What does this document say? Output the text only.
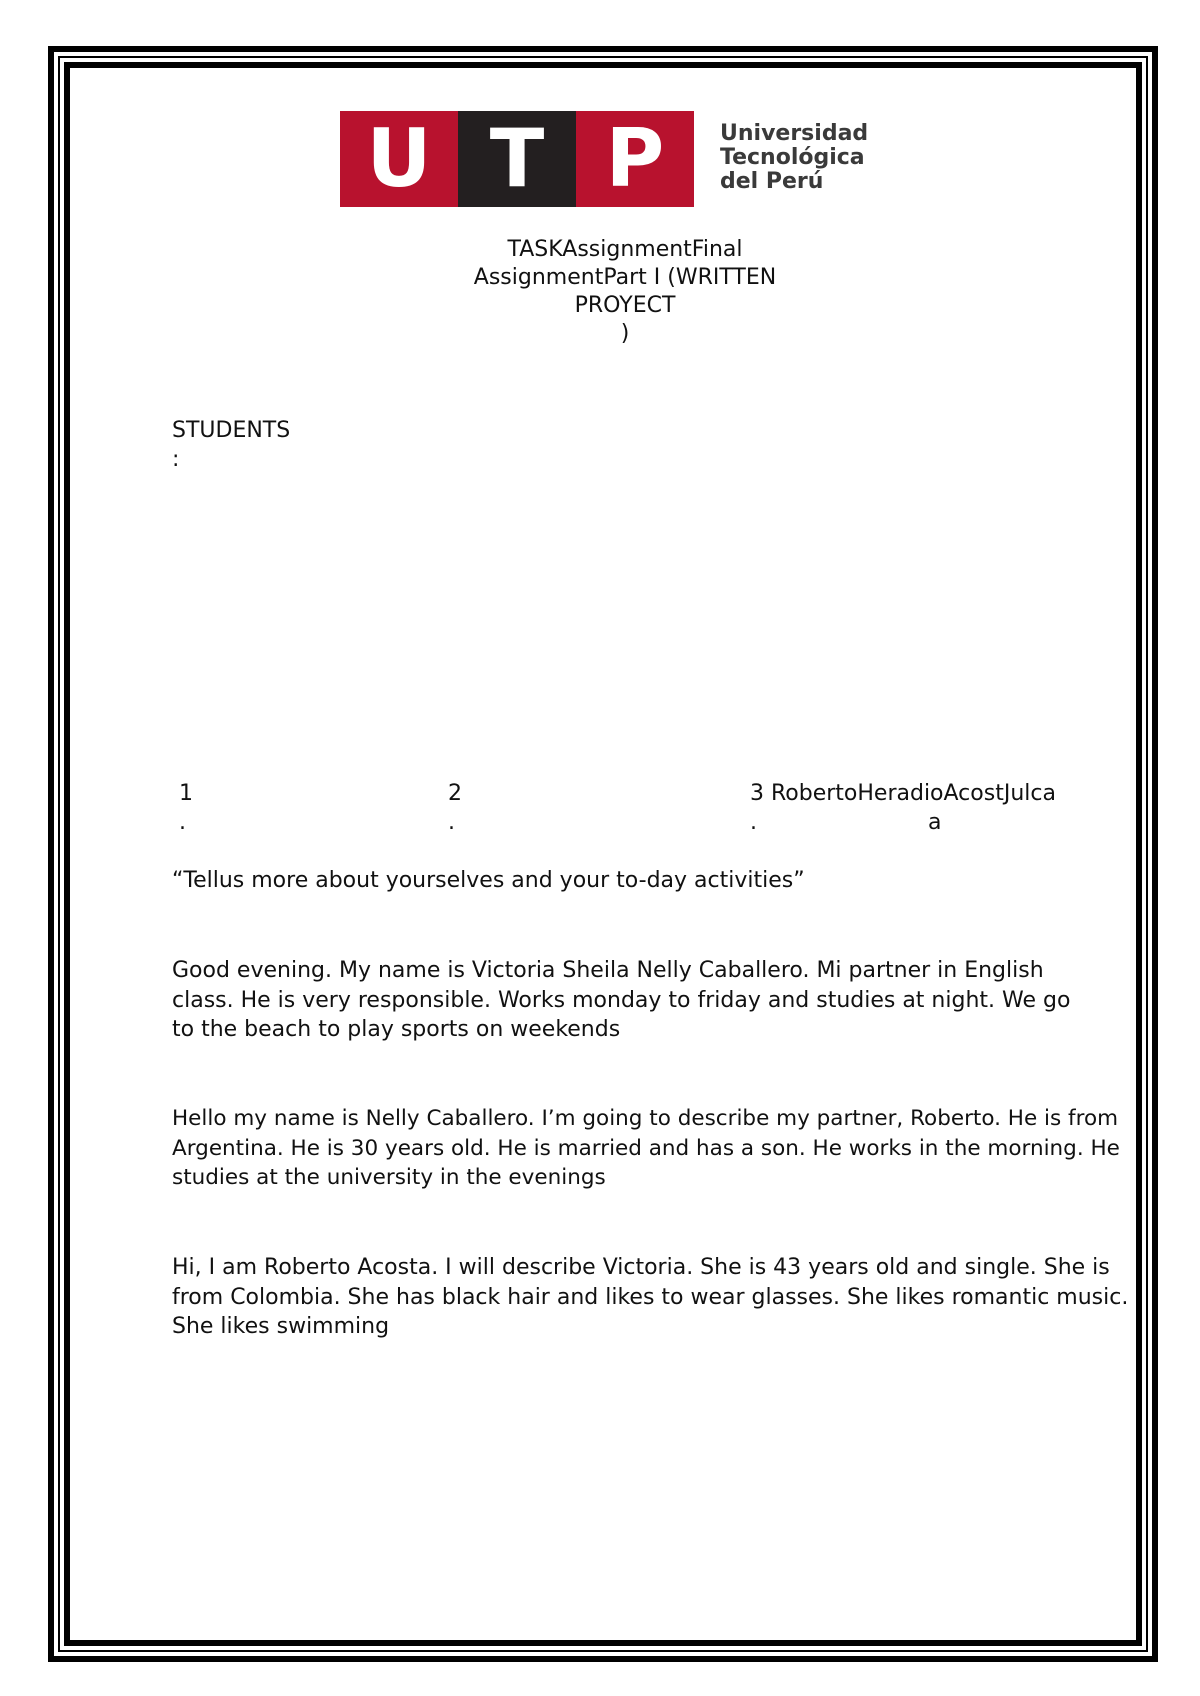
U T P	Universidad
Tecnológica
del Perú
TASKAssignmentFinal
AssignmentPart I (WRITTEN
PROYECT
)
STUDENTS
:
1
.
2
.
3 RobertoHeradioAcostJulca
.	a
“Tellus more about yourselves and your to-day activities”
Good evening. My name is Victoria Sheila Nelly Caballero. Mi partner in English
class. He is very responsible. Works monday to friday and studies at night. We go
to the beach to play sports on weekends
Hello my name is Nelly Caballero. I’m going to describe my partner, Roberto. He is from
Argentina. He is 30 years old. He is married and has a son. He works in the morning. He
studies at the university in the evenings
Hi, I am Roberto Acosta. I will describe Victoria. She is 43 years old and single. She is
from Colombia. She has black hair and likes to wear glasses. She likes romantic music.
She likes swimming
